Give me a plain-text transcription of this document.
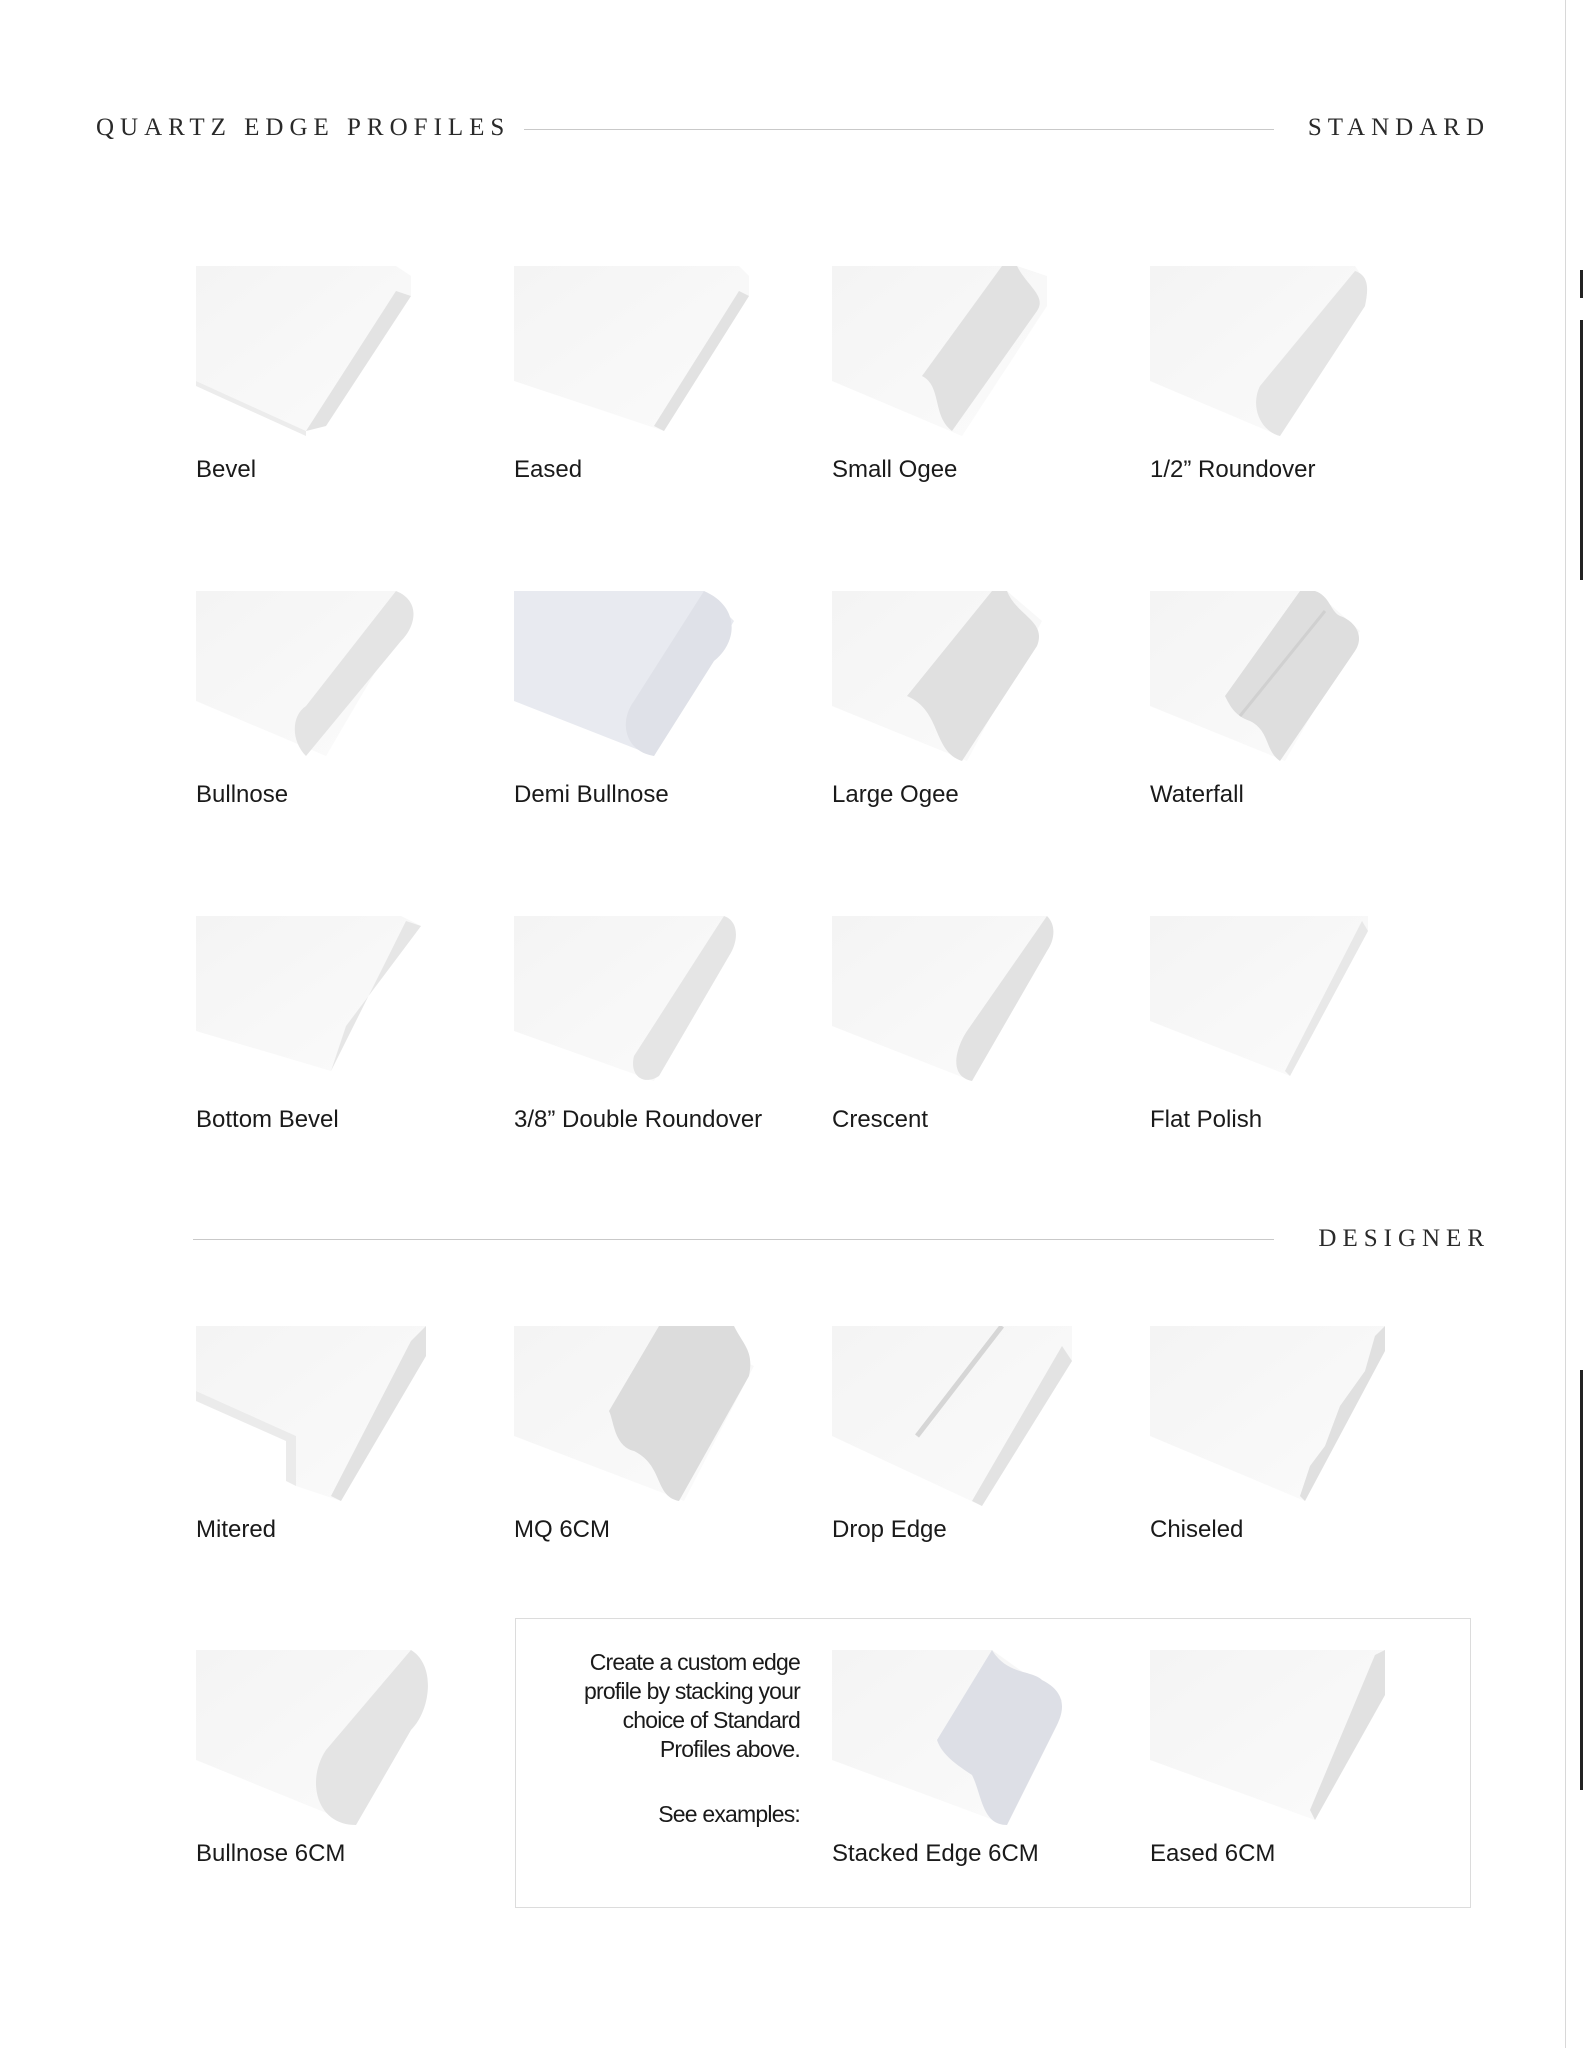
QUARTZ EDGE PROFILES	STANDARD
DESIGNER
Bevel	Eased	Small Ogee	1/2” Roundover
Bullnose	Demi Bullnose	Large Ogee	Waterfall
Bottom Bevel	3/8” Double Roundover	Crescent	Flat Polish
Mitered	MQ 6CM	Drop Edge	Chiseled
Bullnose 6CM
Create a custom edge
profile by stacking your
choice of Standard
Profiles above.
See examples:
Stacked Edge 6CM	Eased 6CM
